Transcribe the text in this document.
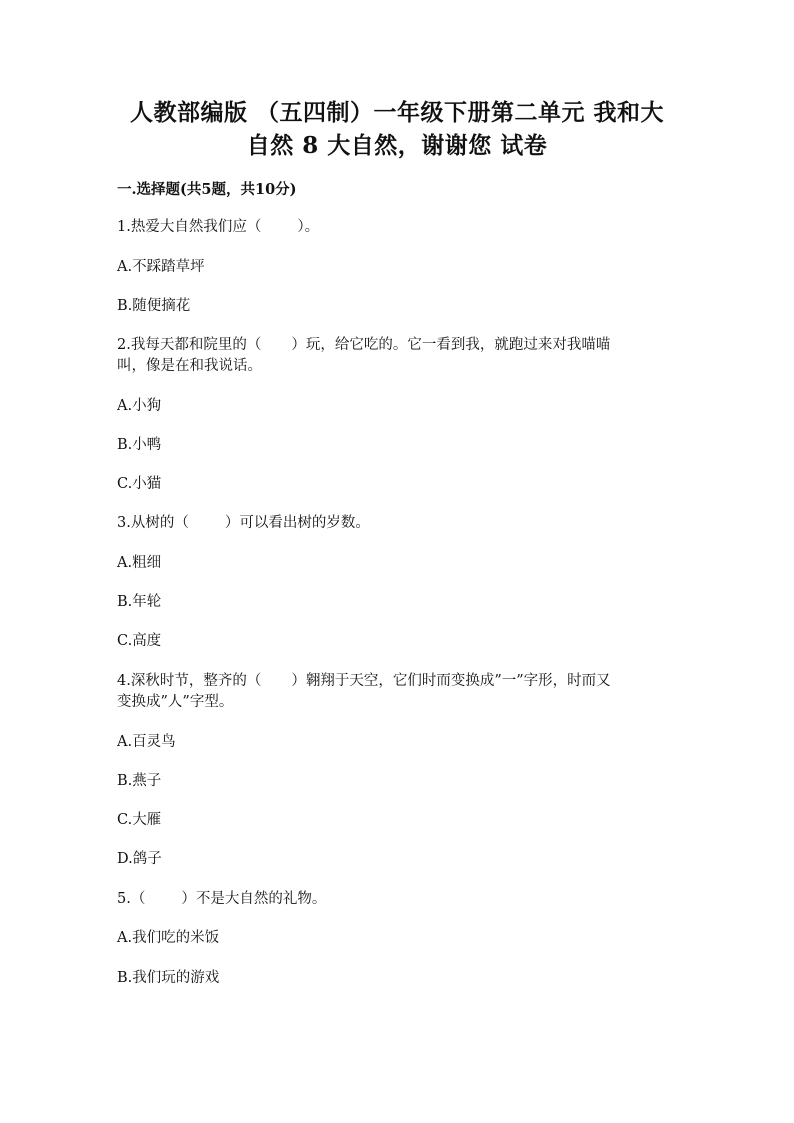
人教部编版 （五四制）一年级下册第二单元 我和大
自然 8 大自然，谢谢您 试卷
一.选择题(共5题，共10分)
1.热爱大自然我们应（ ）。
A.不踩踏草坪
B.随便摘花
2.我每天都和院里的（ ）玩，给它吃的。它一看到我，就跑过来对我喵喵
叫，像是在和我说话。
A.小狗
B.小鸭
C.小猫
3.从树的（ ）可以看出树的岁数。
A.粗细
B.年轮
C.高度
4.深秋时节，整齐的（ ）翱翔于天空，它们时而变换成”一”字形，时而又
变换成”人”字型。
A.百灵鸟
B.燕子
C.大雁
D.鸽子
5.（ ）不是大自然的礼物。
A.我们吃的米饭
B.我们玩的游戏
